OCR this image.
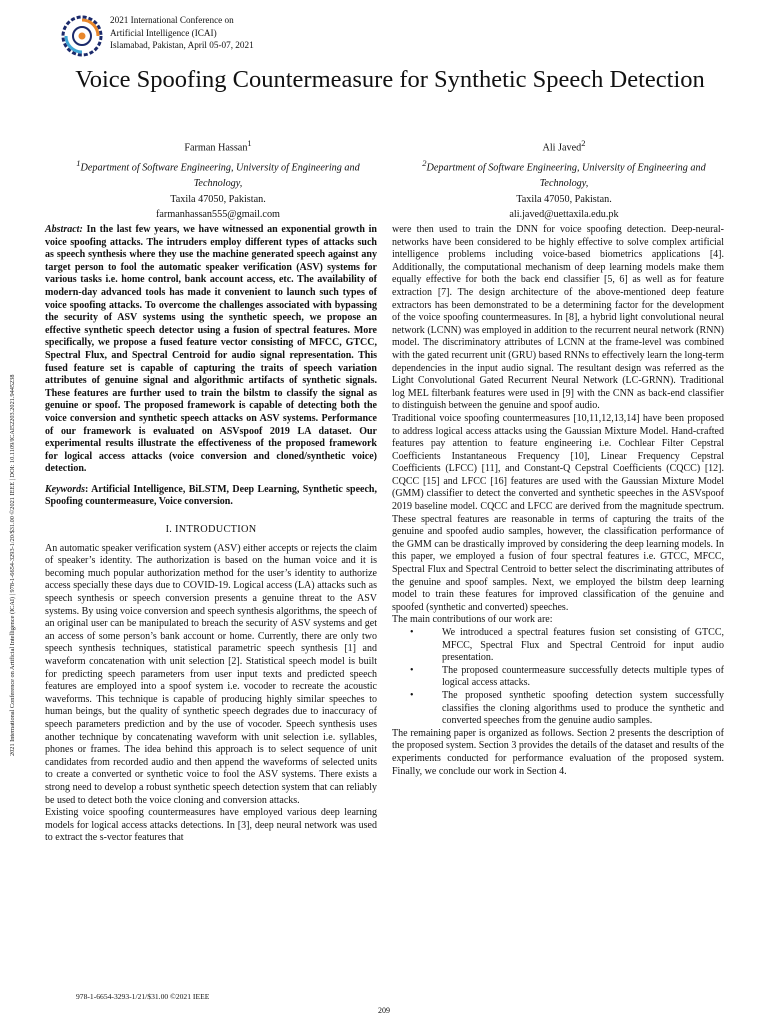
2021 International Conference on
Artificial Intelligence (ICAI)
Islamabad, Pakistan, April 05-07, 2021
Voice Spoofing Countermeasure for Synthetic Speech Detection
Farman Hassan$^1$
$^1$Department of Software Engineering, University of Engineering and
Technology,
Taxila 47050, Pakistan.
farmanhassan555@gmail.com
Ali Javed$^2$
$^2$Department of Software Engineering, University of Engineering and
Technology,
Taxila 47050, Pakistan.
ali.javed@uettaxila.edu.pk
2021 International Conference on Artificial Intelligence (ICAI) | 978-1-6654-3293-1/20/$31.00 ©2021 IEEE | DOI: 10.1109/ICAI52203.2021.9445238

Abstract: In the last few years, we have witnessed an exponential growth in voice spoofing attacks. The intruders employ different types of attacks such as speech synthesis where they use the machine generated speech against any target person to fool the automatic speaker verification (ASV) systems for various tasks i.e. home control, bank account access, etc. The availability of modern-day advanced tools has made it convenient to launch such types of voice spoofing attacks. To overcome the challenges associated with bypassing the security of ASV systems using the synthetic speech, we propose an effective synthetic speech detector using a fusion of spectral features. More specifically, we propose a fused feature vector consisting of MFCC, GTCC, Spectral Flux, and Spectral Centroid for audio signal representation. This fused feature set is capable of capturing the traits of speech variation attributes of genuine signal and algorithmic artifacts of synthetic signals. These features are further used to train the bilstm to classify the signal as genuine or spoof. The proposed framework is capable of detecting both the voice conversion and synthetic speech attacks on ASV systems. Performance of our framework is evaluated on ASVspoof 2019 LA dataset. Our experimental results illustrate the effectiveness of the proposed framework for logical access attacks (voice conversion and cloned/synthetic voice) detection.

Keywords: Artificial Intelligence, BiLSTM, Deep Learning, Synthetic speech, Spoofing countermeasure, Voice conversion.

I. INTRODUCTION

An automatic speaker verification system (ASV) either accepts or rejects the claim of speaker’s identity. The authorization is based on the human voice and it is becoming much popular authorization method for the user’s identity to authorize access specially these days due to COVID-19. Logical access (LA) attacks such as speech synthesis or speech conversion presents a genuine threat to the ASV systems. By using voice conversion and speech synthesis algorithms, the speech of an original user can be manipulated to breach the security of ASV systems and get an access of some person’s bank account or home. Currently, there are only two speech synthesis techniques, statistical parametric speech synthesis [1] and waveform concatenation with unit selection [2]. Statistical speech model is built for predicting speech parameters from user input texts and predicted speech features are employed into a spoof system i.e. vocoder to recreate the acoustic waveforms. This technique is capable of producing highly similar speeches to human beings, but the quality of synthetic speech degrades due to inaccuracy of speech parameters prediction and by the use of vocoder. Speech synthesis uses another technique by concatenating waveform with unit selection i.e. syllables, phones or frames. The idea behind this approach is to select sequence of unit candidates from recorded audio and then append the waveforms of selected units to create a converted or synthetic voice to fool the ASV systems. There exists a strong need to develop a robust synthetic speech detection system that can reliably be used to detect both the voice cloning and conversion attacks.

Existing voice spoofing countermeasures have employed various deep learning models for logical access attacks detections. In [3], deep neural network was used to extract the s-vector features that

were then used to train the DNN for voice spoofing detection. Deep-neural-networks have been considered to be highly effective to solve complex artificial intelligence problems including voice-based biometrics applications [4]. Additionally, the computational mechanism of deep learning models make them equally effective for both the back end classifier [5, 6] as well as for feature extraction [7]. The design architecture of the above-mentioned deep feature extractors has been demonstrated to be a determining factor for the development of the voice spoofing countermeasures. In [8], a hybrid light convolutional neural network (LCNN) was employed in addition to the recurrent neural network (RNN) model. The discriminatory attributes of LCNN at the frame-level was combined with the gated recurrent unit (GRU) based RNNs to effectively learn the long-term dependencies in the input audio signal. The resultant design was referred as the Light Convolutional Gated Recurrent Neural Network (LC-GRNN). Traditional log MEL filterbank features were used in [9] with the CNN as back-end classifier to distinguish between the genuine and spoof audio.

Traditional voice spoofing countermeasures [10,11,12,13,14] have been proposed to address logical access attacks using the Gaussian Mixture Model. Hand-crafted features pay attention to feature engineering i.e. Cochlear Filter Cepstral Coefficients Instantaneous Frequency [10], Linear Frequency Cepstral Coefficients (LFCC) [11], and Constant-Q Cepstral Coefficients (CQCC) [12]. CQCC [15] and LFCC [16] features are used with the Gaussian Mixture Model (GMM) classifier to detect the converted and synthetic speeches in the ASVspoof 2019 baseline model. CQCC and LFCC are derived from the magnitude spectrum. These spectral features are reasonable in terms of capturing the traits of the genuine and spoofed audio samples, however, the classification performance of the GMM can be drastically improved by considering the deep learning models. In this paper, we employed a fusion of four spectral features i.e. GTCC, MFCC, Spectral Flux and Spectral Centroid to better select the discriminating attributes of the genuine and spoof samples. Next, we employed the bilstm deep learning model to train these features for improved classification of the genuine and spoofed (synthetic and converted) speeches.

The main contributions of our work are:

•	We introduced a spectral features fusion set consisting of GTCC, MFCC, Spectral Flux and Spectral Centroid for input audio presentation.
•	The proposed countermeasure successfully detects multiple types of logical access attacks.
•	The proposed synthetic spoofing detection system successfully classifies the cloning algorithms used to produce the synthetic and converted speeches from the genuine audio samples.

The remaining paper is organized as follows. Section 2 presents the description of the proposed system. Section 3 provides the details of the dataset and results of the experiments conducted for performance evaluation of the proposed system. Finally, we conclude our work in Section 4.

978-1-6654-3293-1/21/$31.00 ©2021 IEEE
209
